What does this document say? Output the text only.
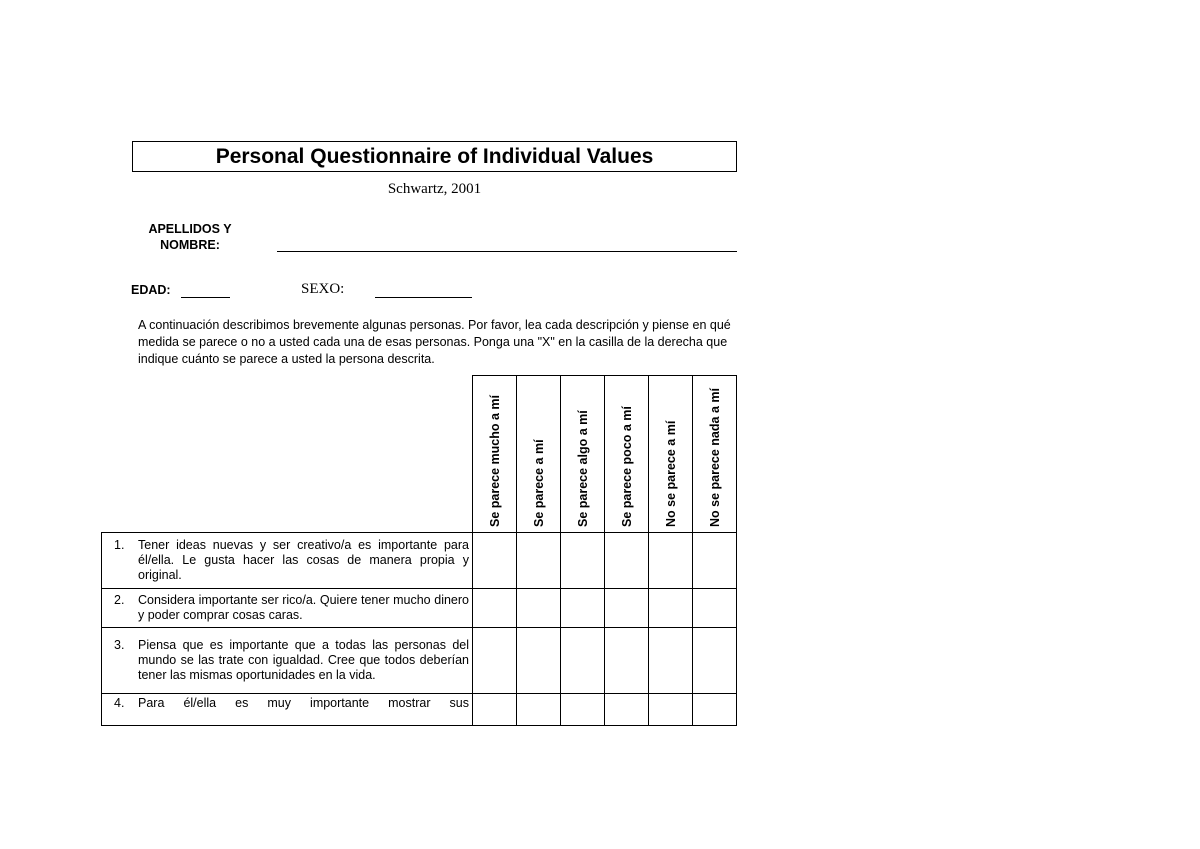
Personal Questionnaire of Individual Values
Schwartz, 2001
APELLIDOS Y NOMBRE:
EDAD:	SEXO:
A continuación describimos brevemente algunas personas. Por favor, lea cada descripción y piense en qué medida se parece o no a usted cada una de esas personas. Ponga una "X" en la casilla de la derecha que indique cuánto se parece a usted la persona descrita.

	Se parece mucho a mí	Se parece a mí	Se parece algo a mí	Se parece poco a mí	No se parece a mí	No se parece nada a mí

1. Tener ideas nuevas y ser creativo/a es importante para él/ella. Le gusta hacer las cosas de manera propia y original.						

2. Considera importante ser rico/a. Quiere tener mucho dinero y poder comprar cosas caras.						

3. Piensa que es importante que a todas las personas del mundo se las trate con igualdad. Cree que todos deberían tener las mismas oportunidades en la vida.						

4. Para él/ella es muy importante mostrar sus						
